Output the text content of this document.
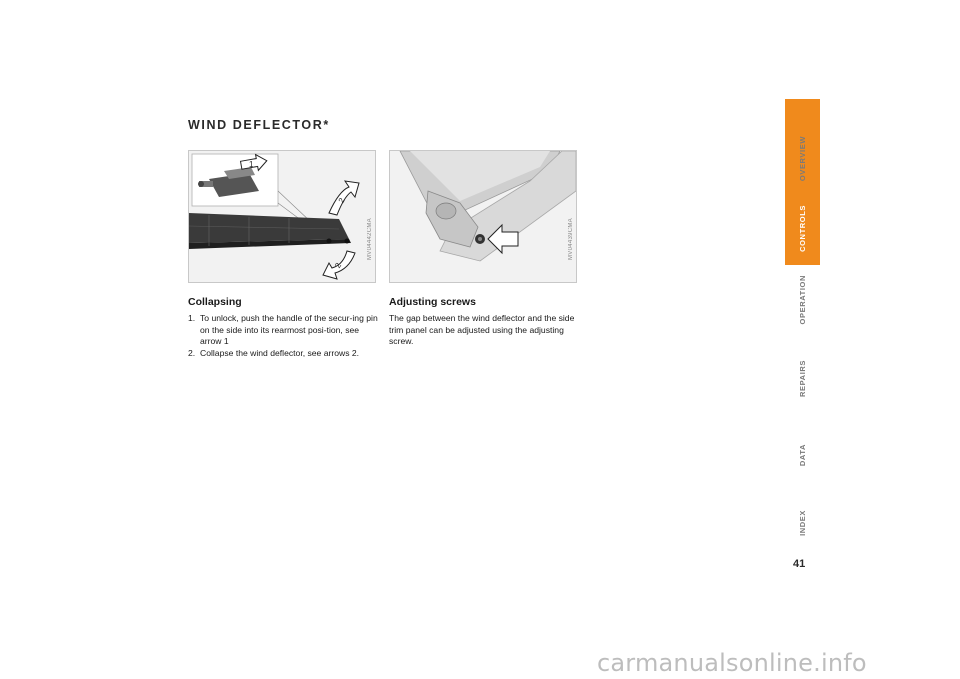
WIND DEFLECTOR*
1
2
2
MV04442CMA	MV04439CMA
Collapsing

1. To unlock, push the handle of the secur-ing pin on the side into its rearmost posi-tion, see arrow 1

2. Collapse the wind deflector, see arrows 2.

Adjusting screws
The gap between the wind deflector and the side trim panel can be adjusted using the adjusting screw.
OVERVIEW
CONTROLS
OPERATION
REPAIRS
DATA
INDEX
41
carmanualsonline.info
